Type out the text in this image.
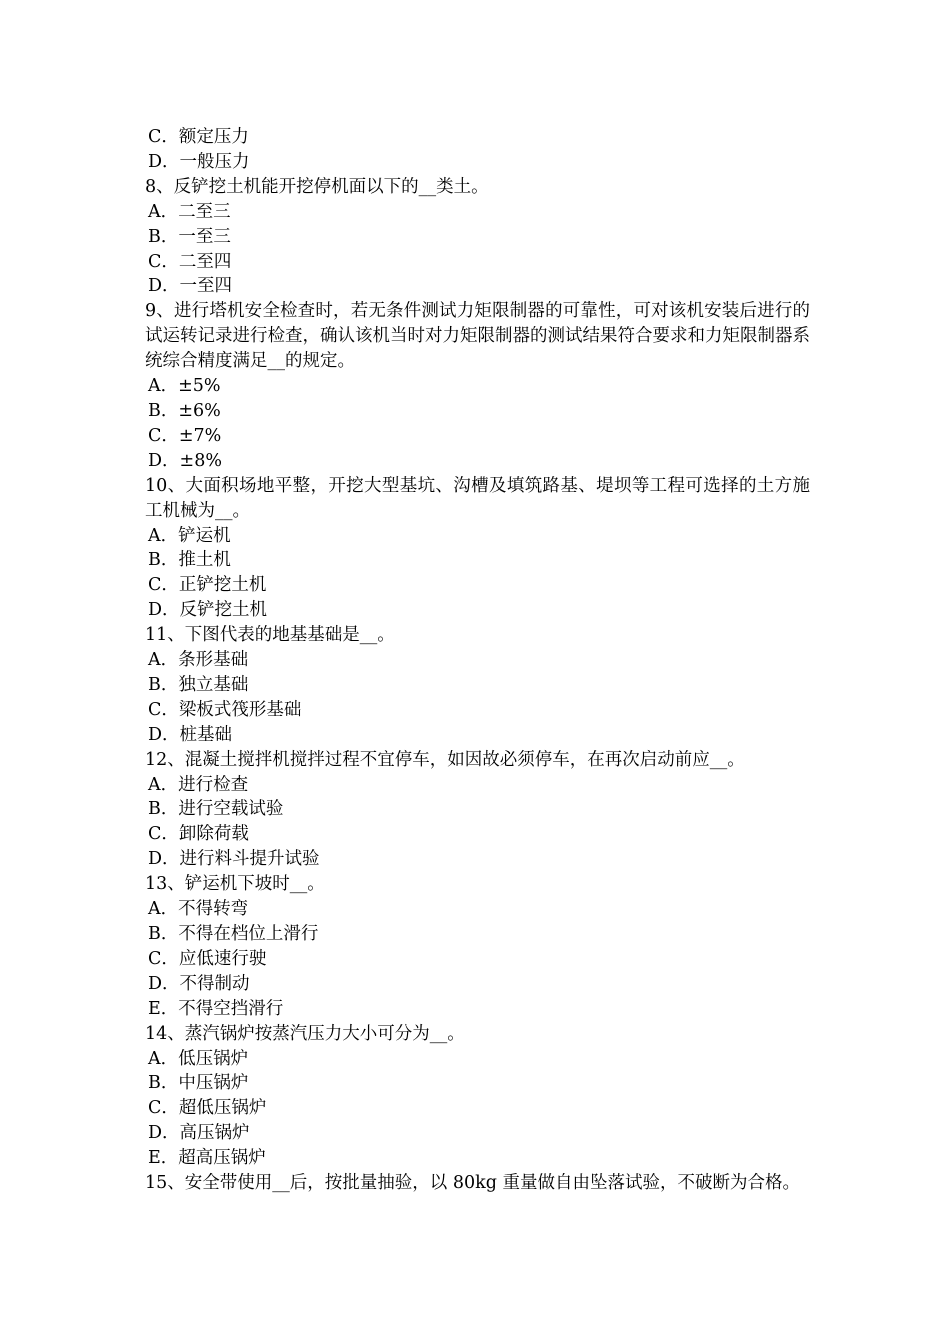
C．额定压力
D．一般压力
8、反铲挖土机能开挖停机面以下的__类土。
A．二至三
B．一至三
C．二至四
D．一至四
9、进行塔机安全检查时，若无条件测试力矩限制器的可靠性，可对该机安装后进行的试运转记录进行检查，确认该机当时对力矩限制器的测试结果符合要求和力矩限制器系统综合精度满足__的规定。
A．±5%
B．±6%
C．±7%
D．±8%
10、大面积场地平整，开挖大型基坑、沟槽及填筑路基、堤坝等工程可选择的土方施工机械为__。
A．铲运机
B．推土机
C．正铲挖土机
D．反铲挖土机
11、下图代表的地基基础是__。
A．条形基础
B．独立基础
C．梁板式筏形基础
D．桩基础
12、混凝土搅拌机搅拌过程不宜停车，如因故必须停车，在再次启动前应__。
A．进行检查
B．进行空载试验
C．卸除荷载
D．进行料斗提升试验
13、铲运机下坡时__。
A．不得转弯
B．不得在档位上滑行
C．应低速行驶
D．不得制动
E．不得空挡滑行
14、蒸汽锅炉按蒸汽压力大小可分为__。
A．低压锅炉
B．中压锅炉
C．超低压锅炉
D．高压锅炉
E．超高压锅炉
15、安全带使用__后，按批量抽验，以 80kg 重量做自由坠落试验，不破断为合格。
